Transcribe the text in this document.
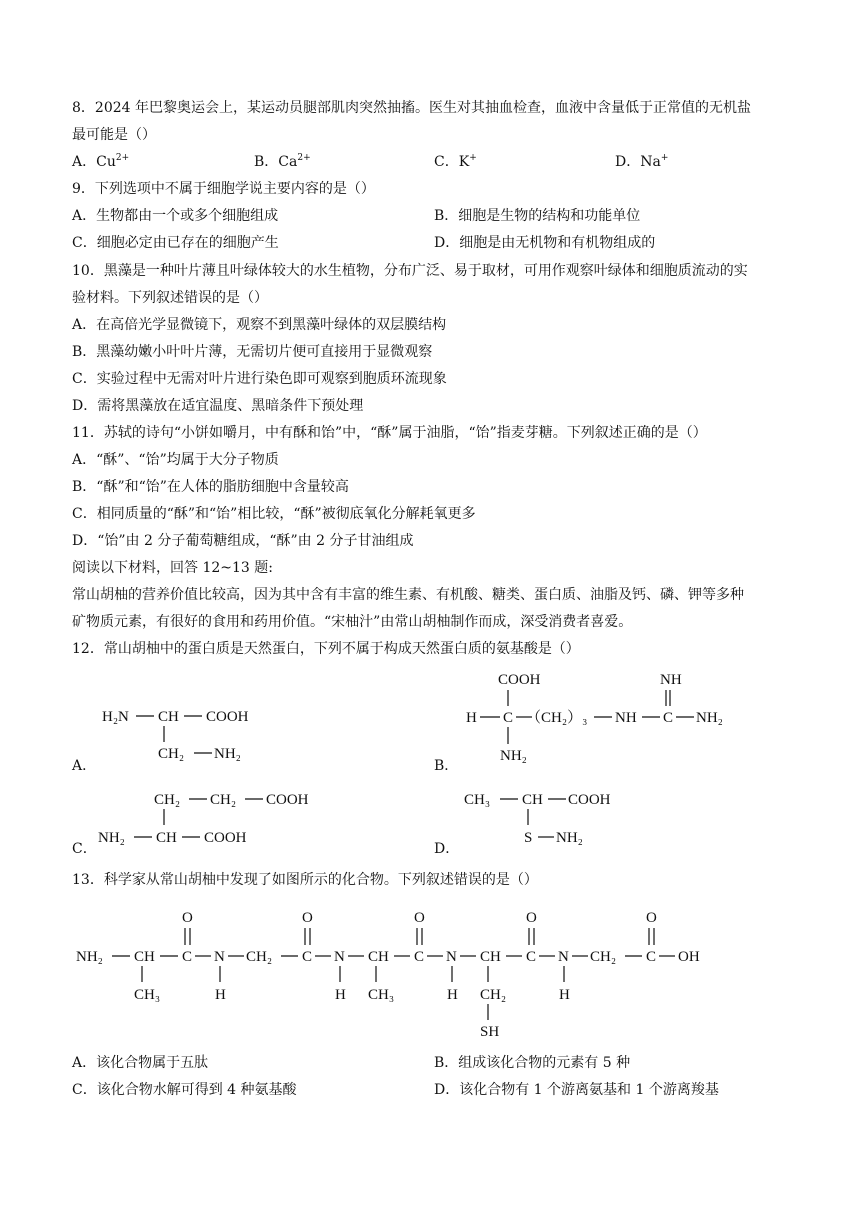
8．2024 年巴黎奥运会上，某运动员腿部肌肉突然抽搐。医生对其抽血检查，血液中含量低于正常值的无机盐
最可能是（）
A．$Cu^{2+}$	B．$Ca^{2+}$	C．K+	D．Na+
9．下列选项中不属于细胞学说主要内容的是（）
A．生物都由一个或多个细胞组成	B．细胞是生物的结构和功能单位
C．细胞必定由已存在的细胞产生	D．细胞是由无机物和有机物组成的
10．黑藻是一种叶片薄且叶绿体较大的水生植物，分布广泛、易于取材，可用作观察叶绿体和细胞质流动的实
验材料。下列叙述错误的是（）
A．在高倍光学显微镜下，观察不到黑藻叶绿体的双层膜结构
B．黑藻幼嫩小叶叶片薄，无需切片便可直接用于显微观察
C．实验过程中无需对叶片进行染色即可观察到胞质环流现象
D．需将黑藻放在适宜温度、黑暗条件下预处理
11．苏轼的诗句“小饼如嚼月，中有酥和饴”中，“酥”属于油脂，“饴”指麦芽糖。下列叙述正确的是（）
A．“酥”、“饴”均属于大分子物质
B．“酥”和“饴”在人体的脂肪细胞中含量较高
C．相同质量的“酥”和“饴”相比较，“酥”被彻底氧化分解耗氧更多
D．“饴”由 2 分子葡萄糖组成，“酥”由 2 分子甘油组成
阅读以下材料，回答 12~13 题:
常山胡柚的营养价值比较高，因为其中含有丰富的维生素、有机酸、糖类、蛋白质、油脂及钙、磷、钾等多种
矿物质元素，有很好的食用和药用价值。“宋柚汁”由常山胡柚制作而成，深受消费者喜爱。
12．常山胡柚中的蛋白质是天然蛋白，下列不属于构成天然蛋白质的氨基酸是（）
A．	B．
C．	D．
H₂N CH COOH
CH₂ NH₂
COOH
H C （CH₂）₃ NH C NH₂
NH
NH₂
CH₂ CH₂ COOH
NH₂ CH COOH
CH₃ CH COOH
S NH₂
13．科学家从常山胡柚中发现了如图所示的化合物。下列叙述错误的是（）
NH₂ CH C N CH₂ C N CH C N CH C N CH₂ C OH
O	O	O	O	O
H	H	H	H
CH₃	CH₃	CH₂
SH
A．该化合物属于五肽	B．组成该化合物的元素有 5 种
C．该化合物水解可得到 4 种氨基酸	D．该化合物有 1 个游离氨基和 1 个游离羧基
